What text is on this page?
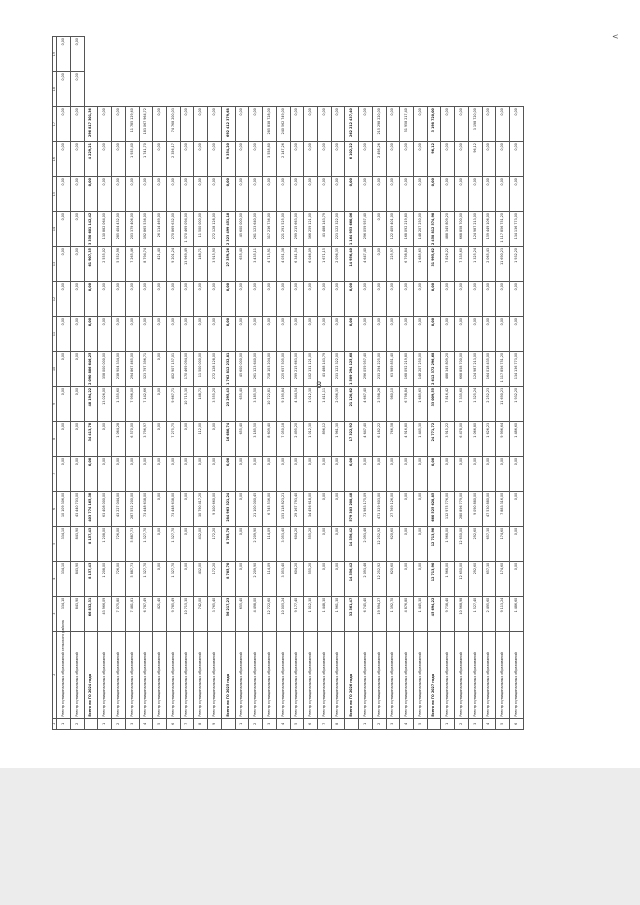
<
8
1	2	3	4	5	6	7	8	9	10	11	12	13	14	15	16	17	18	19
1	Реестр муниципальных образований сельского района	334,10	334,10	334,10	10 109 306,00	0,00	0,00	0,00	0,00	0,00	0,00	0,00	0,00	0,00	0,00	0,00	0,00	0,00
2	Реестр муниципальных образований	843,90	843,90	843,90	43 440 703,00	0,00	0,00	0,00	0,00	0,00	0,00	0,00	0,00	0,00	0,00	0,00	0,00	0,00
	Всего по ГО 2024 года	66 832,31	8 157,43	8 157,43	403 774 165,30	0,00	34 413,70	40 194,22	2 090 806 646,25	0,00	0,00	61 907,35	3 350 601 142,42	0,00	4 229,21	296 817 301,36		
1	Реестр муниципальных образований	43 966,09	1 208,00	1 208,00	63 408 000,00	0,00	0,00	13 026,00	358 000 000,00	0,00	0,00	2 555,02	130 882 064,00	0,00	0,00	0,00		
2	Реестр муниципальных образований	7 075,80	726,00	726,00	43 227 044,00	0,00	1 064,28	1 355,60	238 904 334,00	0,00	0,00	5 552,98	285 404 432,00	0,00	0,00	0,00		
3	Реестр муниципальных образований	7 481,81	5 887,73	5 887,73	287 552 200,00	0,00	6 570,00	7 996,00	294 867 465,00	0,00	0,00	7 265,46	203 379 406,00	0,00	1 935,40	11 785 129,60		
4	Реестр муниципальных образований	6 787,49	1 327,70	1 327,70	73 448 638,00	0,00	3 796,97	7 142,66	323 797 396,71	0,00	0,00	8 794,74	392 865 536,00	0,00	1 741,70	183 067 964,72		
5	Реестр муниципальных образований	421,40	0,00	0,00	0,00	0,00	0,00	0,00	0,00	0,00	0,00	421,40	26 114 469,00	0,00	0,00	0,00		
6	Реестр муниципальных образований	9 785,49	1 327,70	1 327,70	73 448 638,00	0,00	7 275,75	9 667,71	402 907 157,01	0,00	0,00	9 201,24	270 869 632,00	0,00	2 356,17	74 768 200,03		
7	Реестр муниципальных образований	10 715,30	0,00	0,00	0,00	0,00	0,00	10 715,30	170 469 094,00	0,00	0,00	13 969,49	1 370 469 094,00	0,00	0,00	0,00		
8	Реестр муниципальных образований	742,00	432,00	432,00	30 790 417,20	0,00	112,00	148,71	11 500 000,00	0,00	0,00	148,71	11 500 000,00	0,00	0,00	0,00		
9	Реестр муниципальных образований	3 765,40	172,20	172,20	9 300 660,00	0,00	0,00	3 555,20	272 128 128,00	0,00	0,00	3 915,90	272 128 128,00	0,00	0,00	0,00		
	Всего по ГО 2025 года	56 217,23	8 705,70	8 705,70	284 963 321,24	0,00	16 680,74	23 295,43	1 762 812 232,81	0,00	0,00	27 359,26	2 323 499 451,10	0,00	9 354,20	692 412 379,68		
1	Реестр муниципальных образований	655,40	0,00	0,00	0,00	0,00	655,40	655,40	45 600 000,00	0,00	0,00	655,40	45 600 000,00	0,00	0,00	0,00		
2	Реестр муниципальных образований	4 498,00	2 209,90	2 209,90	21 100 000,45	0,00	3 185,50	3 185,50	261 123 640,00	0,00	0,00	3 435,11	261 123 640,00	0,00	0,00	0,00		
3	Реестр муниципальных образований	12 722,60	114,09	114,09	6 745 536,00	0,00	8 609,40	10 722,81	718 103 204,00	0,00	0,00	4 715,91	317 236 736,00	0,00	3 558,80	285 838 728,00		
4	Реестр муниципальных образований	10 005,24	3 053,40	3 053,40	153 118 823,21	0,00	7 050,18	9 195,84	225 657 505,00	0,00	0,00	4 051,38	221 291 525,00	0,00	2 147,26	240 562 749,00		
5	Реестр муниципальных образований	9 177,40	604,20	604,20	29 167 793,40	0,00	2 495,20	4 344,54	299 215 663,00	0,00	0,00	6 341,54	299 215 663,00	0,00	0,00	0,00		
6	Реестр муниципальных образований	1 012,30	555,20	555,20	34 456 618,00	0,00	1 012,30	1 012,30	102 131 121,00	0,00	0,00	6 046,09	366 259 121,00	0,00	0,00	0,00		
7	Реестр муниципальных образований	1 448,30	0,00	0,00	0,00	0,00	896,12	1 411,11	43 488 143,79	0,00	0,00	1 671,15	43 488 143,79	0,00	0,00	0,00		
8	Реестр муниципальных образований	1 961,30	0,00	0,00	0,00	0,00	1 961,30	2 096,35	233 122 322,00	0,00	0,00	2 096,35	223 122 322,00	0,00	0,00	0,00		
	Всего по ГО 2026 года	32 361,47	14 356,42	14 356,42	579 303 208,40	0,00	17 322,92	21 120,62	1 509 294 125,68	0,00	0,00	14 956,40	1 164 953 660,06	0,00	6 102,22	262 212 437,40		
1	Реестр муниципальных образований	6 745,40	2 093,48	2 093,48	71 983 175,09	0,00	4 647,40	4 667,40	296 059 957,40	0,00	0,00	4 647,40	296 059 957,40	0,00	0,00	0,00		
2	Реестр муниципальных образований	19 994,27	12 252,92	12 252,92	471 319 603,00	0,00	6 182,22	2 598,26	233 294 225,00	0,00	0,00	0,00	0,00	0,00	2 498,26	215 298 220,00		
3	Реестр муниципальных образований	1 392,70	620,60	620,60	27 769 126,00	0,00	766,58	980,10	63 989 851,40	0,00	0,00	225,97	122 409 401,00	0,00	0,00	0,00		
4	Реестр муниципальных образований	4 876,80	0,00	0,00	0,00	0,00	4 916,80	6 798,84	168 092 219,80	0,00	0,00	6 798,84	168 092 219,80	0,00	0,00	51 958 217,40		
5	Реестр муниципальных образований	1 445,30	0,00	0,00	0,00	0,00	1 445,30	1 685,65	148 207 250,00	0,00	0,00	1 685,65	148 207 250,00	0,00	0,00	0,00		
	Всего по ГО 2027 года	45 694,22	12 713,90	12 713,90	660 525 628,85	0,00	24 771,72	33 009,55	2 612 372 296,68	0,00	0,00	31 995,62	2 458 812 574,90	0,00	96,12	3 198 720,00		
1	Реестр муниципальных образований	9 738,40	1 968,00	1 968,00	112 975 776,00	0,00	3 915,22	7 816,42	488 345 809,20	0,00	0,00	7 826,22	488 345 809,20	0,00	0,00	0,00		
2	Реестр муниципальных образований	10 968,98	12 650,00	12 650,00	280 896 779,00	0,00	6 478,00	7 335,60	668 858 700,00	0,00	0,00	7 335,60	668 858 700,00	0,00	0,00	0,00		
3	Реестр муниципальных образований	1 527,40	292,60	292,60	9 090 880,00	0,00	1 066,80	1 325,24	124 987 213,00	0,00	0,00	1 325,24	124 987 213,00	0,00	96,12	3 198 720,00		
4	Реестр муниципальных образований	2 495,60	657,30	657,30	47 530 880,00	0,00	1 626,23	2 252,23	164 018 435,00	0,00	0,00	2 065,43	159 449 106,00	0,00	0,00	0,00		
5	Реестр муниципальных образований	9 113,24	174,60	174,60	7 883 316,00	0,00	9 996,64	11 690,23	1 117 856 751,20	0,00	0,00	11 690,23	1 117 856 751,20	0,00	0,00	0,00		
6	Реестр муниципальных образований	1 486,60	0,00	0,00	0,00	0,00	1 486,60	1 932,20	134 136 773,00	0,00	0,00	1 932,20	134 136 773,00	0,00	0,00	0,00		
